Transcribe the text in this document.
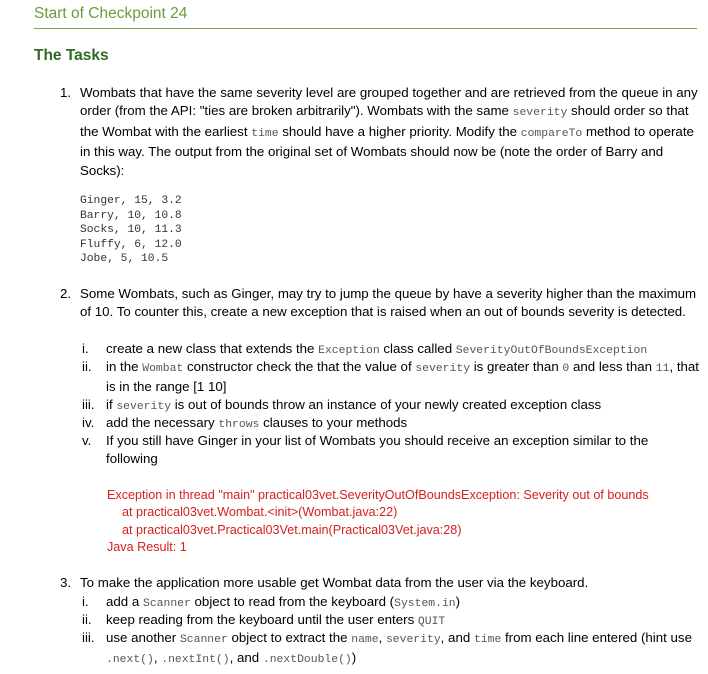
Start of Checkpoint 24
The Tasks
1. Wombats that have the same severity level are grouped together and are retrieved from the queue in any order (from the API: "ties are broken arbitrarily"). Wombats with the same severity should order so that the Wombat with the earliest time should have a higher priority. Modify the compareTo method to operate in this way. The output from the original set of Wombats should now be (note the order of Barry and Socks):
Ginger, 15, 3.2
Barry, 10, 10.8
Socks, 10, 11.3
Fluffy, 6, 12.0
Jobe, 5, 10.5
2. Some Wombats, such as Ginger, may try to jump the queue by have a severity higher than the maximum of 10. To counter this, create a new exception that is raised when an out of bounds severity is detected.
i. create a new class that extends the Exception class called SeverityOutOfBoundsException
ii. in the Wombat constructor check the that the value of severity is greater than 0 and less than 11, that is in the range [1 10]
iii. if severity is out of bounds throw an instance of your newly created exception class
iv. add the necessary throws clauses to your methods
v. If you still have Ginger in your list of Wombats you should receive an exception similar to the following
Exception in thread "main" practical03vet.SeverityOutOfBoundsException: Severity out of bounds
at practical03vet.Wombat.<init>(Wombat.java:22)
at practical03vet.Practical03Vet.main(Practical03Vet.java:28)
Java Result: 1
3. To make the application more usable get Wombat data from the user via the keyboard.
i. add a Scanner object to read from the keyboard (System.in)
ii. keep reading from the keyboard until the user enters QUIT
iii. use another Scanner object to extract the name, severity, and time from each line entered (hint use .next(), .nextInt(), and .nextDouble())
